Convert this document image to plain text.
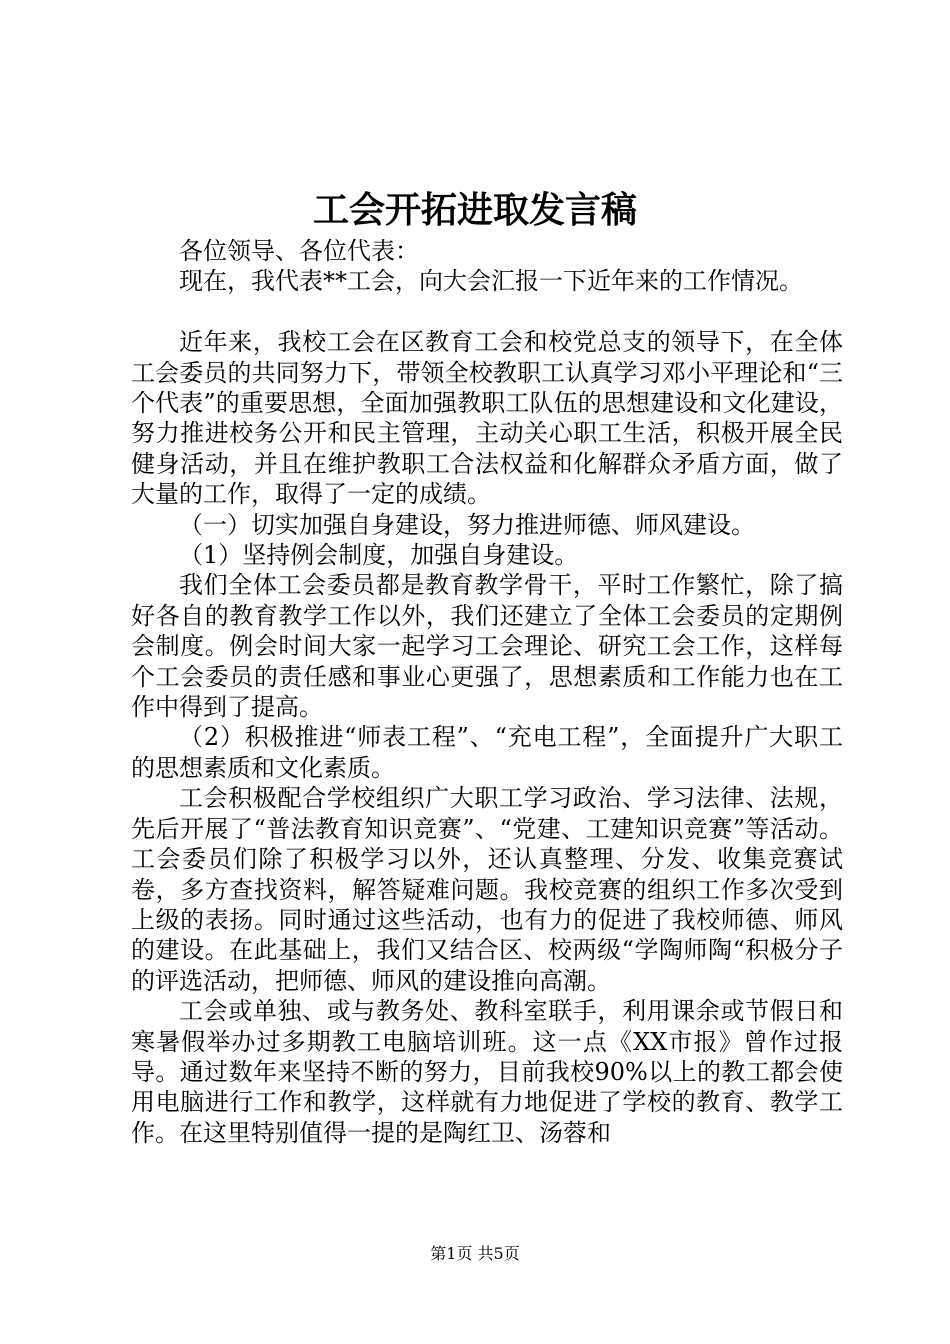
工会开拓进取发言稿

各位领导、各位代表：

现在，我代表**工会，向大会汇报一下近年来的工作情况。

近年来，我校工会在区教育工会和校党总支的领导下，在全体工会委员的共同努力下，带领全校教职工认真学习邓小平理论和“三个代表”的重要思想，全面加强教职工队伍的思想建设和文化建设，努力推进校务公开和民主管理，主动关心职工生活，积极开展全民健身活动，并且在维护教职工合法权益和化解群众矛盾方面，做了大量的工作，取得了一定的成绩。

（一）切实加强自身建设，努力推进师德、师风建设。

（1）坚持例会制度，加强自身建设。

我们全体工会委员都是教育教学骨干，平时工作繁忙，除了搞好各自的教育教学工作以外，我们还建立了全体工会委员的定期例会制度。例会时间大家一起学习工会理论、研究工会工作，这样每个工会委员的责任感和事业心更强了，思想素质和工作能力也在工作中得到了提高。

（2）积极推进“师表工程”、“充电工程”，全面提升广大职工的思想素质和文化素质。

工会积极配合学校组织广大职工学习政治、学习法律、法规，先后开展了“普法教育知识竞赛”、“党建、工建知识竞赛”等活动。工会委员们除了积极学习以外，还认真整理、分发、收集竞赛试卷，多方查找资料，解答疑难问题。我校竞赛的组织工作多次受到上级的表扬。同时通过这些活动，也有力的促进了我校师德、师风的建设。在此基础上，我们又结合区、校两级“学陶师陶“积极分子的评选活动，把师德、师风的建设推向高潮。

工会或单独、或与教务处、教科室联手，利用课余或节假日和寒暑假举办过多期教工电脑培训班。这一点《XX市报》曾作过报导。通过数年来坚持不断的努力，目前我校90%以上的教工都会使用电脑进行工作和教学，这样就有力地促进了学校的教育、教学工作。在这里特别值得一提的是陶红卫、汤蓉和

第1页 共5页
